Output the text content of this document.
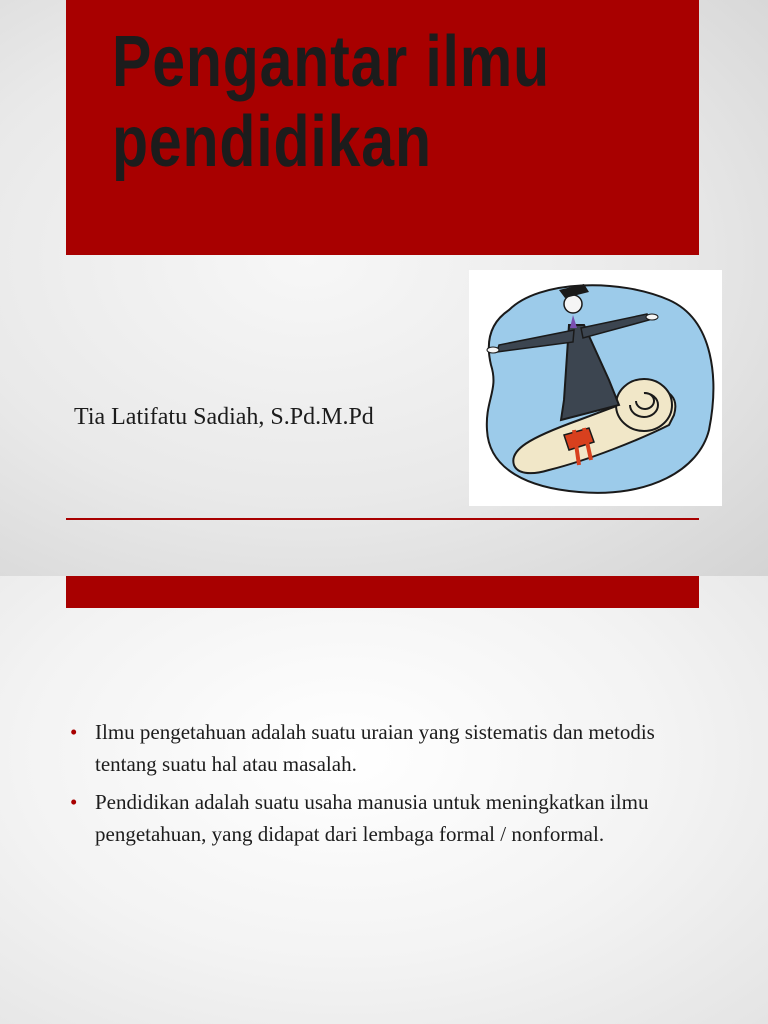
Pengantar ilmu
pendidikan

Tia Latifatu Sadiah, S.Pd.M.Pd

• Ilmu pengetahuan adalah suatu uraian yang sistematis dan metodis tentang suatu hal atau masalah.
• Pendidikan adalah suatu usaha manusia untuk meningkatkan ilmu pengetahuan, yang didapat dari lembaga formal / nonformal.
